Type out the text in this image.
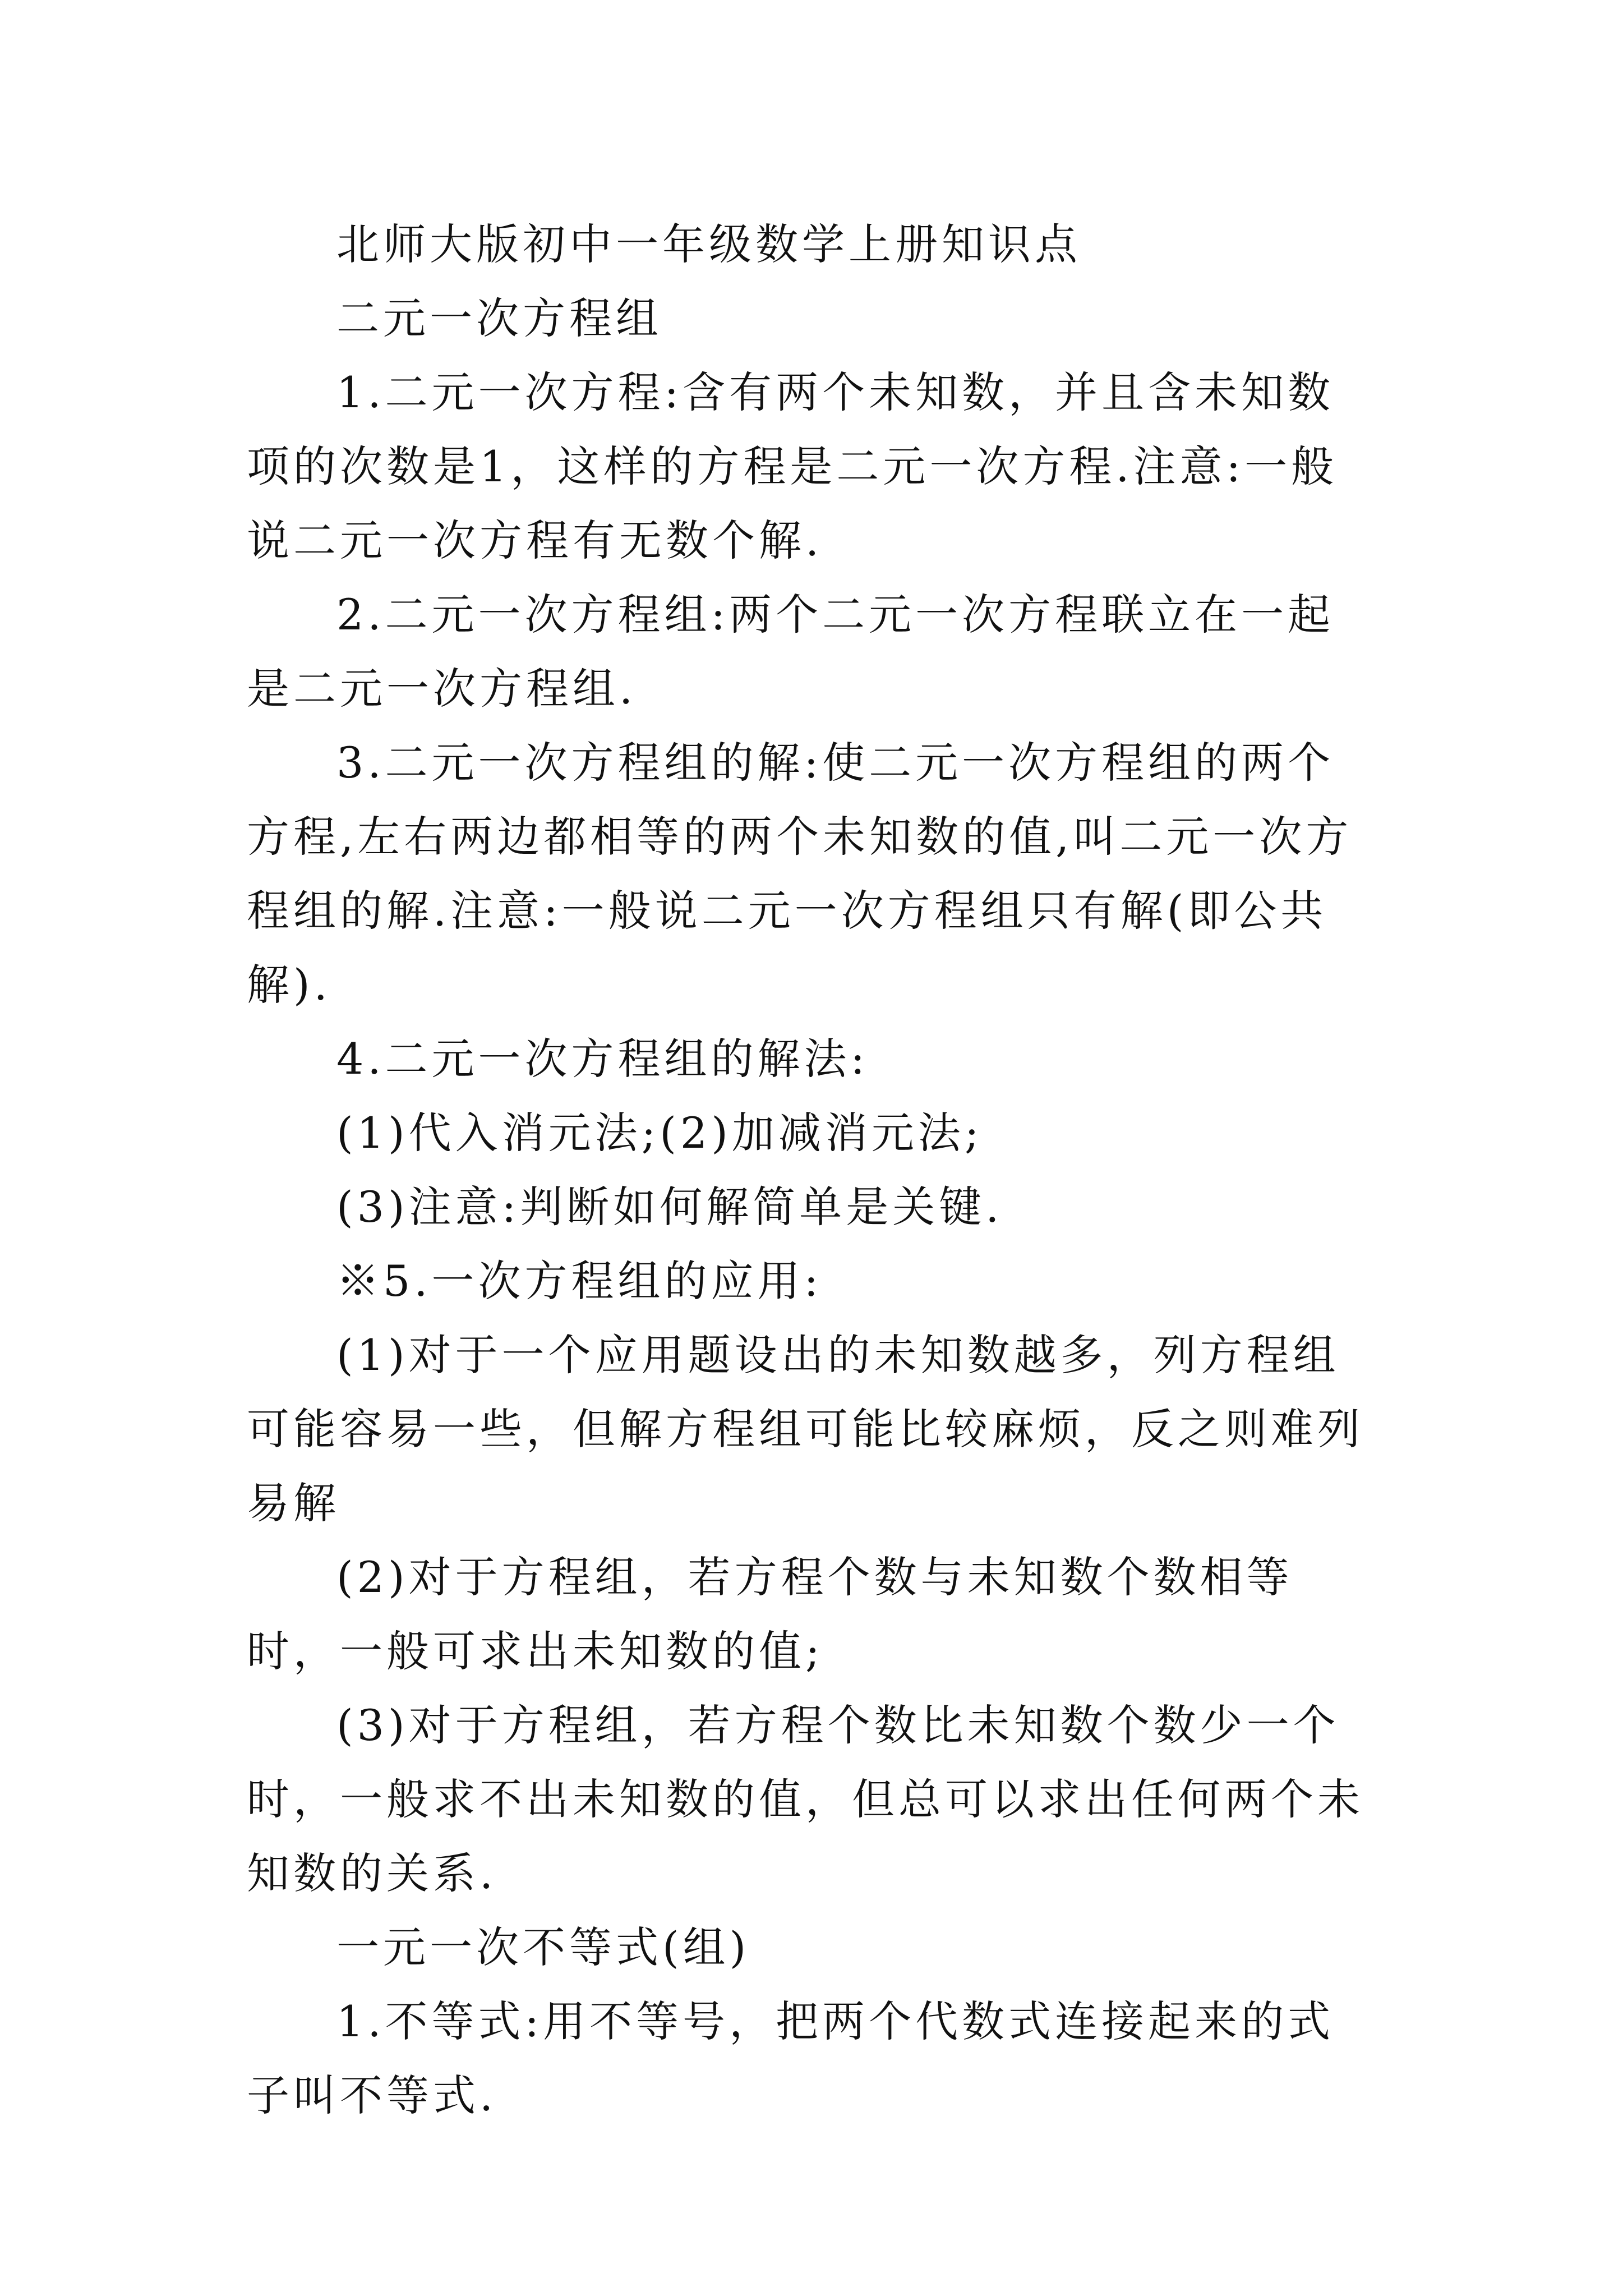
北师大版初中一年级数学上册知识点

二元一次方程组

1.二元一次方程:含有两个未知数，并且含未知数项的次数是1，这样的方程是二元一次方程.注意:一般说二元一次方程有无数个解.

2.二元一次方程组:两个二元一次方程联立在一起是二元一次方程组.

3.二元一次方程组的解:使二元一次方程组的两个方程,左右两边都相等的两个未知数的值,叫二元一次方程组的解.注意:一般说二元一次方程组只有解(即公共解).

4.二元一次方程组的解法:

(1)代入消元法;(2)加减消元法;

(3)注意:判断如何解简单是关键.

※5.一次方程组的应用:

(1)对于一个应用题设出的未知数越多，列方程组可能容易一些，但解方程组可能比较麻烦，反之则难列易解

(2)对于方程组，若方程个数与未知数个数相等时，一般可求出未知数的值;

(3)对于方程组，若方程个数比未知数个数少一个时，一般求不出未知数的值，但总可以求出任何两个未知数的关系.

一元一次不等式(组)

1.不等式:用不等号，把两个代数式连接起来的式子叫不等式.
